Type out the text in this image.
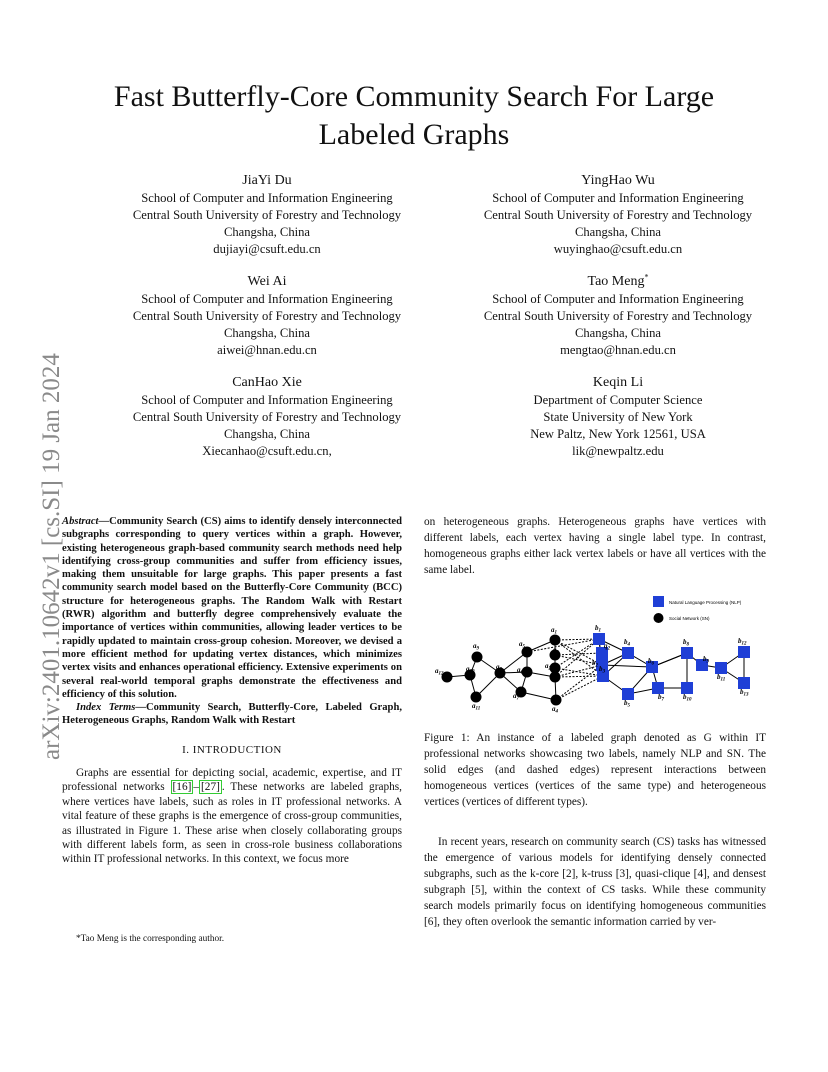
arXiv:2401.10642v1 [cs.SI] 19 Jan 2024
Fast Butterfly-Core Community Search For Large Labeled Graphs
JiaYi Du
School of Computer and Information Engineering
Central South University of Forestry and Technology
Changsha, China
dujiayi@csuft.edu.cn
YingHao Wu
School of Computer and Information Engineering
Central South University of Forestry and Technology
Changsha, China
wuyinghao@csuft.edu.cn
Wei Ai
School of Computer and Information Engineering
Central South University of Forestry and Technology
Changsha, China
aiwei@hnan.edu.cn
Tao Meng*
School of Computer and Information Engineering
Central South University of Forestry and Technology
Changsha, China
mengtao@hnan.edu.cn
CanHao Xie
School of Computer and Information Engineering
Central South University of Forestry and Technology
Changsha, China
Xiecanhao@csuft.edu.cn,
Keqin Li
Department of Computer Science
State University of New York
New Paltz, New York 12561, USA
lik@newpaltz.edu
Abstract—Community Search (CS) aims to identify densely interconnected subgraphs corresponding to query vertices within a graph. However, existing heterogeneous graph-based community search methods need help identifying cross-group communities and suffer from efficiency issues, making them unsuitable for large graphs. This paper presents a fast community search model based on the Butterfly-Core Community (BCC) structure for heterogeneous graphs. The Random Walk with Restart (RWR) algorithm and butterfly degree comprehensively evaluate the importance of vertices within communities, allowing leader vertices to be rapidly updated to maintain cross-group cohesion. Moreover, we devised a more efficient method for updating vertex distances, which minimizes vertex visits and enhances operational efficiency. Extensive experiments on several real-world temporal graphs demonstrate the effectiveness and efficiency of this solution.
Index Terms—Community Search, Butterfly-Core, Labeled Graph, Heterogeneous Graphs, Random Walk with Restart
I. INTRODUCTION
Graphs are essential for depicting social, academic, expertise, and IT professional networks [16] – [27] . These networks are labeled graphs, where vertices have labels, such as roles in IT professional networks. A vital feature of these graphs is the emergence of cross-group communities, as illustrated in Figure 1. These arise when closely collaborating groups with different labels form, as seen in cross-role business collaborations within IT professional networks. In this context, we focus more
*Tao Meng is the corresponding author.
on heterogeneous graphs. Heterogeneous graphs have vertices with different labels, each vertex having a single label type. In contrast, homogeneous graphs either lack vertex labels or have all vertices with the same label.
$a_1$
$a_2$
$a_3$
$a_4$
$a_5$
$a_6$
$a_7$
$a_8$
$a_9$
$a_{10}$
$a_{11}$
$a_{12}$
$q_1$
$q_2$
$b_1$
$b_2$ $b_3$
$b_4$
$b_5$
$b_6$
$b_7$
$b_8$
$b_9$
$b_{10}$
$b_{11}$
$b_{12}$
$b_{13}$
Natural Language Processing (NLP)
Social Network (SN)
Figure 1: An instance of a labeled graph denoted as G within IT professional networks showcasing two labels, namely NLP and SN. The solid edges (and dashed edges) represent interactions between homogeneous vertices (vertices of the same type) and heterogeneous vertices (vertices of different types).
In recent years, research on community search (CS) tasks has witnessed the emergence of various models for identifying densely connected subgraphs, such as the k-core [2], k-truss [3], quasi-clique [4], and densest subgraph [5], within the context of CS tasks. While these community search models primarily focus on identifying homogeneous communities [6], they often overlook the semantic information carried by ver-
